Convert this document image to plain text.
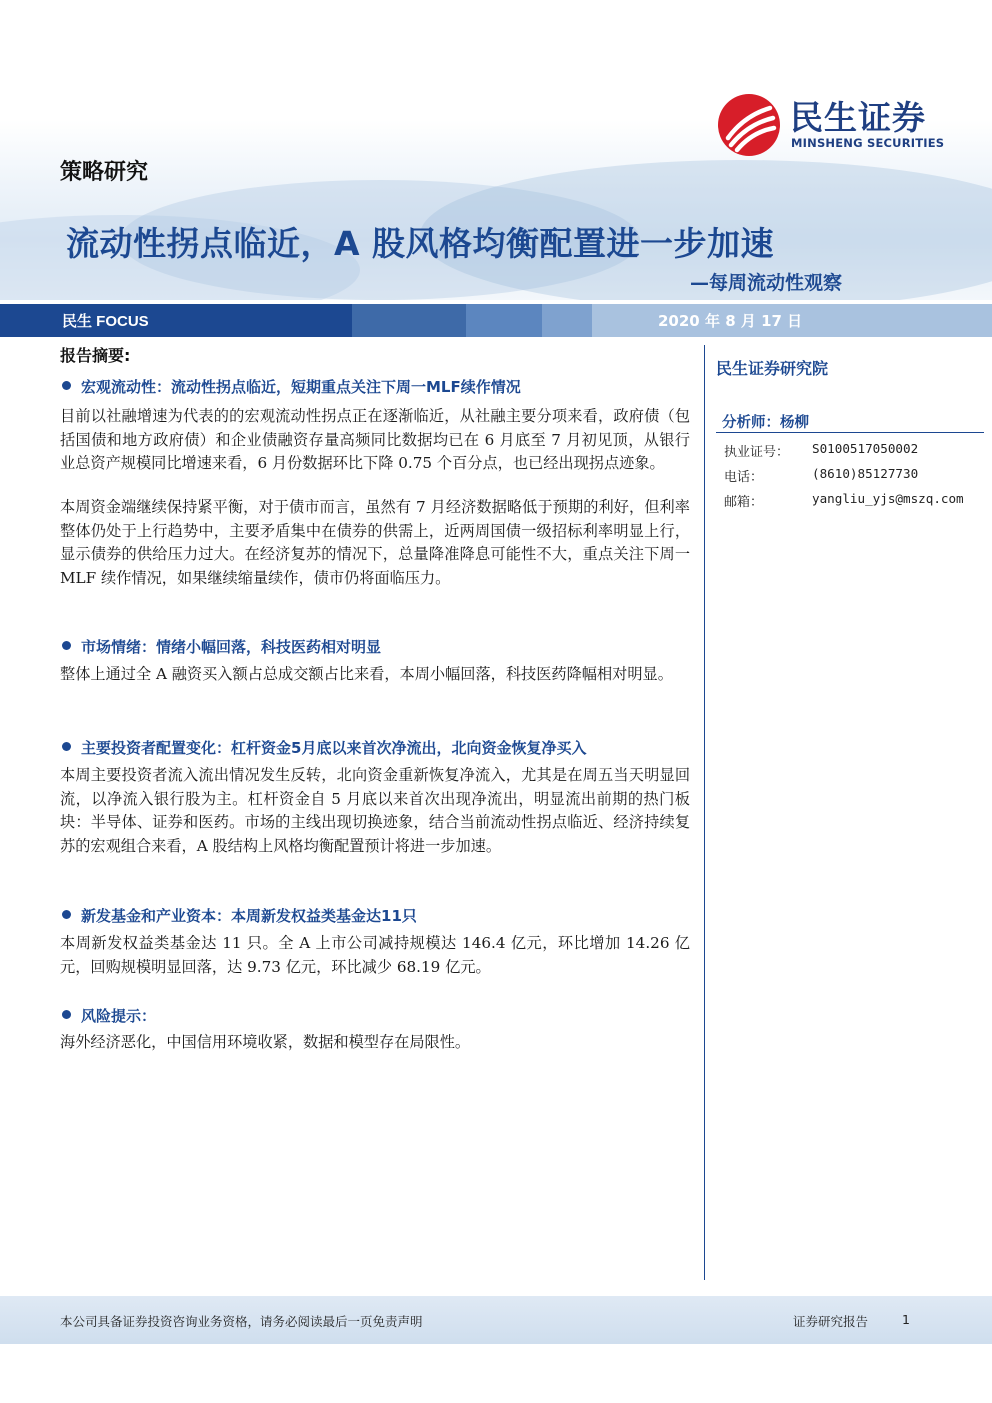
民生证券
MINSHENG SECURITIES
策略研究
流动性拐点临近，A 股风格均衡配置进一步加速
—每周流动性观察
民生 FOCUS	2020 年 8 月 17 日
报告摘要:
宏观流动性：流动性拐点临近，短期重点关注下周一MLF续作情况
目前以社融增速为代表的的宏观流动性拐点正在逐渐临近，从社融主要分项来看，政府债（包括国债和地方政府债）和企业债融资存量高频同比数据均已在 6 月底至 7 月初见顶，从银行业总资产规模同比增速来看，6 月份数据环比下降 0.75 个百分点，也已经出现拐点迹象。
本周资金端继续保持紧平衡，对于债市而言，虽然有 7 月经济数据略低于预期的利好，但利率整体仍处于上行趋势中，主要矛盾集中在债券的供需上，近两周国债一级招标利率明显上行，显示债券的供给压力过大。在经济复苏的情况下，总量降准降息可能性不大，重点关注下周一 MLF 续作情况，如果继续缩量续作，债市仍将面临压力。
市场情绪：情绪小幅回落，科技医药相对明显
整体上通过全 A 融资买入额占总成交额占比来看，本周小幅回落，科技医药降幅相对明显。
主要投资者配置变化：杠杆资金5月底以来首次净流出，北向资金恢复净买入
本周主要投资者流入流出情况发生反转，北向资金重新恢复净流入，尤其是在周五当天明显回流，以净流入银行股为主。杠杆资金自 5 月底以来首次出现净流出，明显流出前期的热门板块：半导体、证券和医药。市场的主线出现切换迹象，结合当前流动性拐点临近、经济持续复苏的宏观组合来看，A 股结构上风格均衡配置预计将进一步加速。
新发基金和产业资本：本周新发权益类基金达11只
本周新发权益类基金达 11 只。全 A 上市公司减持规模达 146.4 亿元，环比增加 14.26 亿元，回购规模明显回落，达 9.73 亿元，环比减少 68.19 亿元。
风险提示：
海外经济恶化，中国信用环境收紧，数据和模型存在局限性。
民生证券研究院
分析师：杨柳
执业证号： S0100517050002
电话：	(8610)85127730
邮箱：	yangliu_yjs@mszq.com
本公司具备证券投资咨询业务资格，请务必阅读最后一页免责声明	证券研究报告	1
